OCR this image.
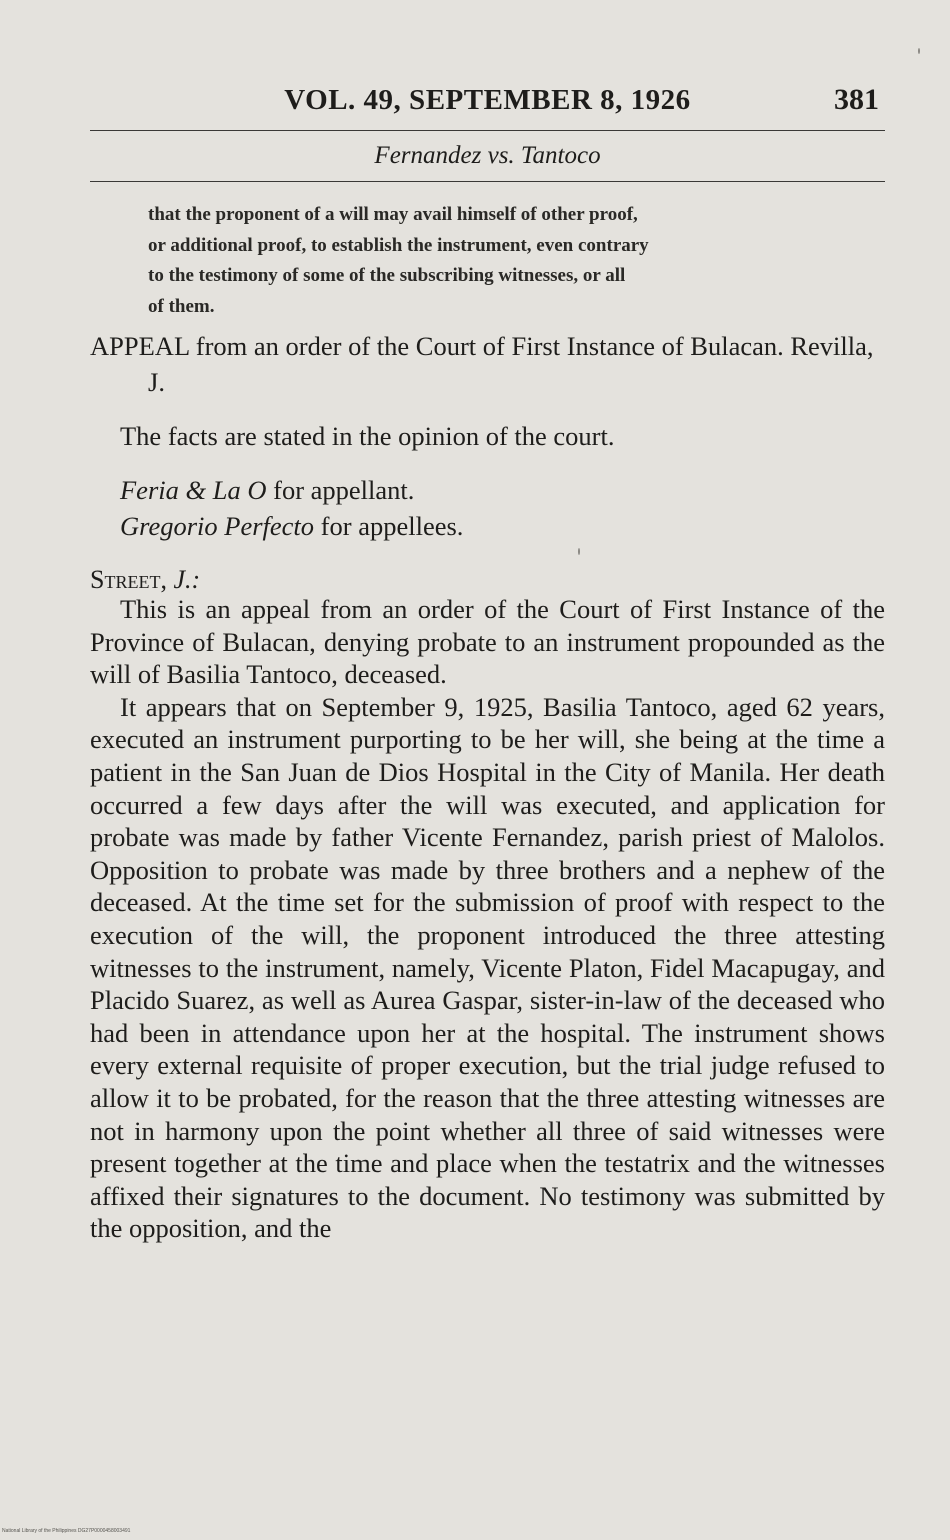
VOL. 49, SEPTEMBER 8, 1926	381
Fernandez vs. Tantoco

that the proponent of a will may avail himself of other proof,

or additional proof, to establish the instrument, even contrary

to the testimony of some of the subscribing witnesses, or all

of them.

APPEAL from an order of the Court of First Instance of Bulacan. Revilla, J.

The facts are stated in the opinion of the court.

Feria & La O for appellant.

Gregorio Perfecto for appellees.

Street, J.:

This is an appeal from an order of the Court of First Instance of the Province of Bulacan, denying probate to an instrument propounded as the will of Basilia Tantoco, deceased.

It appears that on September 9, 1925, Basilia Tantoco, aged 62 years, executed an instrument purporting to be her will, she being at the time a patient in the San Juan de Dios Hospital in the City of Manila. Her death occurred a few days after the will was executed, and application for probate was made by father Vicente Fernandez, parish priest of Malolos. Opposition to probate was made by three brothers and a nephew of the deceased. At the time set for the submission of proof with respect to the execution of the will, the proponent introduced the three attesting witnesses to the instrument, namely, Vicente Platon, Fidel Macapugay, and Placido Suarez, as well as Aurea Gaspar, sister-in-law of the deceased who had been in attendance upon her at the hospital. The instrument shows every external requisite of proper execution, but the trial judge refused to allow it to be probated, for the reason that the three attesting witnesses are not in harmony upon the point whether all three of said witnesses were present together at the time and place when the testatrix and the witnesses affixed their signatures to the document. No testimony was submitted by the opposition, and the

National Library of the Philippines DG27P0000458003491
